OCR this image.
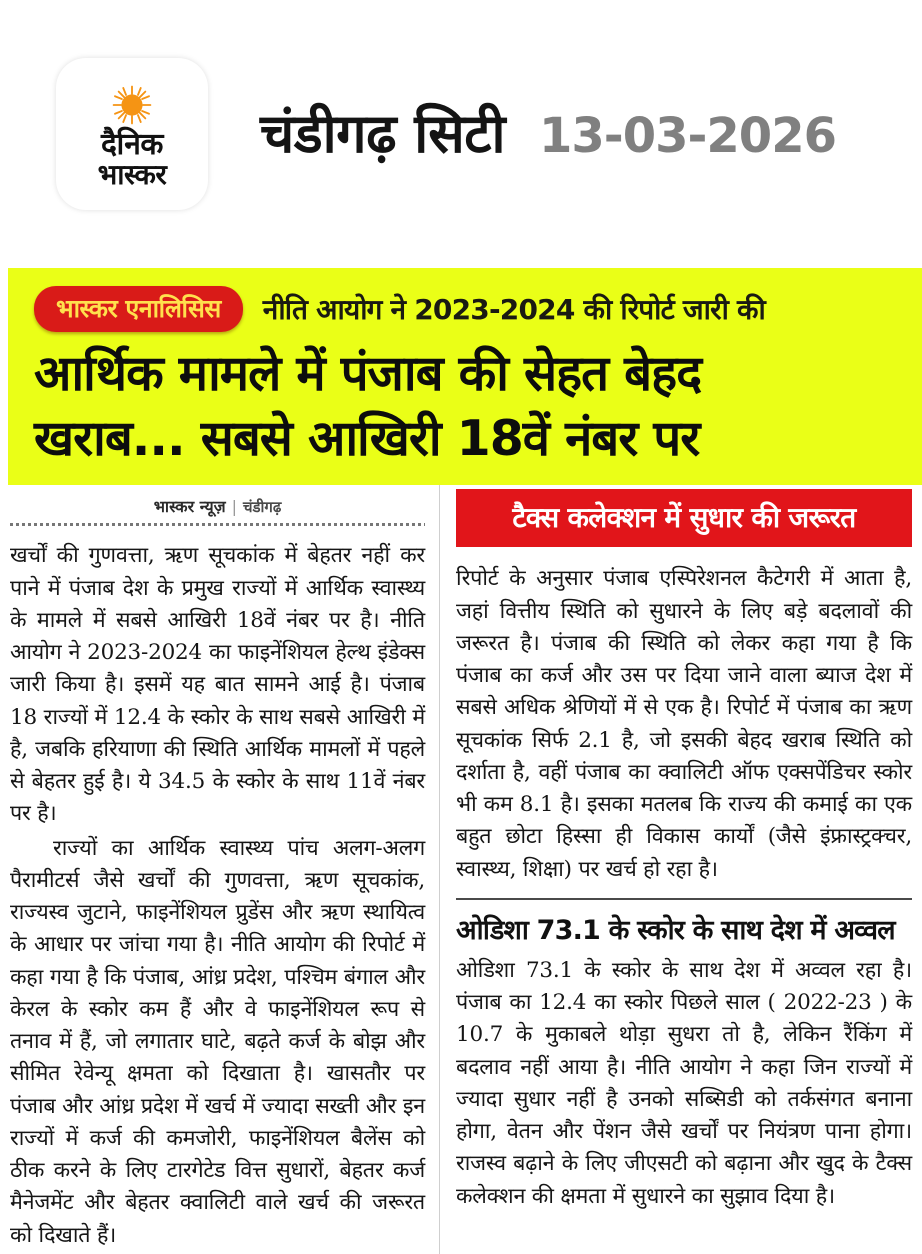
दैनिक
भास्कर
चंडीगढ़ सिटी 13-03-2026
भास्कर एनालिसिस	नीति आयोग ने 2023-2024 की रिपोर्ट जारी की
आर्थिक मामले में पंजाब की सेहत बेहद
खराब... सबसे आखिरी 18वें नंबर पर
भास्कर न्यूज़ | चंडीगढ़

खर्चों की गुणवत्ता, ऋण सूचकांक में बेहतर नहीं कर पाने में पंजाब देश के प्रमुख राज्यों में आर्थिक स्वास्थ्य के मामले में सबसे आखिरी 18वें नंबर पर है। नीति आयोग ने 2023-2024 का फाइनेंशियल हेल्थ इंडेक्स जारी किया है। इसमें यह बात सामने आई है। पंजाब 18 राज्यों में 12.4 के स्कोर के साथ सबसे आखिरी में है, जबकि हरियाणा की स्थिति आर्थिक मामलों में पहले से बेहतर हुई है। ये 34.5 के स्कोर के साथ 11वें नंबर पर है।

राज्यों का आर्थिक स्वास्थ्य पांच अलग-अलग पैरामीटर्स जैसे खर्चों की गुणवत्ता, ऋण सूचकांक, राज्यस्व जुटाने, फाइनेंशियल प्रुडेंस और ऋण स्थायित्व के आधार पर जांचा गया है। नीति आयोग की रिपोर्ट में कहा गया है कि पंजाब, आंध्र प्रदेश, पश्चिम बंगाल और केरल के स्कोर कम हैं और वे फाइनेंशियल रूप से तनाव में हैं, जो लगातार घाटे, बढ़ते कर्ज के बोझ और सीमित रेवेन्यू क्षमता को दिखाता है। खासतौर पर पंजाब और आंध्र प्रदेश में खर्च में ज्यादा सख्ती और इन राज्यों में कर्ज की कमजोरी, फाइनेंशियल बैलेंस को ठीक करने के लिए टारगेटेड वित्त सुधारों, बेहतर कर्ज मैनेजमेंट और बेहतर क्वालिटी वाले खर्च की जरूरत को दिखाते हैं।

टैक्स कलेक्शन में सुधार की जरूरत

रिपोर्ट के अनुसार पंजाब एस्पिरेशनल कैटेगरी में आता है, जहां वित्तीय स्थिति को सुधारने के लिए बड़े बदलावों की जरूरत है। पंजाब की स्थिति को लेकर कहा गया है कि पंजाब का कर्ज और उस पर दिया जाने वाला ब्याज देश में सबसे अधिक श्रेणियों में से एक है। रिपोर्ट में पंजाब का ऋण सूचकांक सिर्फ 2.1 है, जो इसकी बेहद खराब स्थिति को दर्शाता है, वहीं पंजाब का क्वालिटी ऑफ एक्सपेंडिचर स्कोर भी कम 8.1 है। इसका मतलब कि राज्य की कमाई का एक बहुत छोटा हिस्सा ही विकास कार्यों (जैसे इंफ्रास्ट्रक्चर, स्वास्थ्य, शिक्षा) पर खर्च हो रहा है।

ओडिशा 73.1 के स्कोर के साथ देश में अव्वल

ओडिशा 73.1 के स्कोर के साथ देश में अव्वल रहा है। पंजाब का 12.4 का स्कोर पिछले साल ( 2022-23 ) के 10.7 के मुकाबले थोड़ा सुधरा तो है, लेकिन रैंकिंग में बदलाव नहीं आया है। नीति आयोग ने कहा जिन राज्यों में ज्यादा सुधार नहीं है उनको सब्सिडी को तर्कसंगत बनाना होगा, वेतन और पेंशन जैसे खर्चों पर नियंत्रण पाना होगा। राजस्व बढ़ाने के लिए जीएसटी को बढ़ाना और खुद के टैक्स कलेक्शन की क्षमता में सुधारने का सुझाव दिया है।
